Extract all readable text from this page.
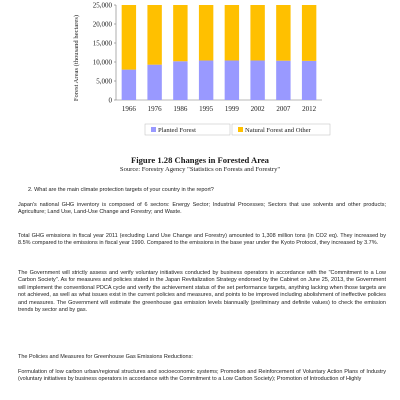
Forest Areas (thousand hectares)	0
5,000
10,000
15,000
20,000
25,000
1966 1976 1986 1995 1999 2002 2007 2012
Planted Forest	Natural Forest and Other
Figure 1.28 Changes in Forested Area
Source: Forestry Agency "Statistics on Forests and Forestry"

2. What are the main climate protection targets of your country in the report?

Japan's national GHG inventory is composed of 6 sectors: Energy Sector; Industrial Processes; Sectors that use solvents and other products; Agriculture; Land Use, Land-Use Change and Forestry; and Waste.

Total GHG emissions in fiscal year 2011 (excluding Land Use Change and Forestry) amounted to 1,308 million tons (in CO2 eq). They increased by 8.5% compared to the emissions in fiscal year 1990. Compared to the emissions in the base year under the Kyoto Protocol, they increased by 3.7%.

The Government will strictly assess and verify voluntary initiatives conducted by business operators in accordance with the "Commitment to a Low Carbon Society". As for measures and policies stated in the Japan Revitalization Strategy endorsed by the Cabinet on June 25, 2013, the Government will implement the conventional PDCA cycle and verify the achievement status of the set performance targets, anything lacking when those targets are not achieved, as well as what issues exist in the current policies and measures, and points to be improved including abolishment of ineffective policies and measures. The Government will estimate the greenhouse gas emission levels biannually (preliminary and definite values) to check the emission trends by sector and by gas.

The Policies and Measures for Greenhouse Gas Emissions Reductions:

Formulation of low carbon urban/regional structures and socioeconomic systems; Promotion and Reinforcement of Voluntary Action Plans of Industry (voluntary initiatives by business operators in accordance with the Commitment to a Low Carbon Society); Promotion of Introduction of Highly
